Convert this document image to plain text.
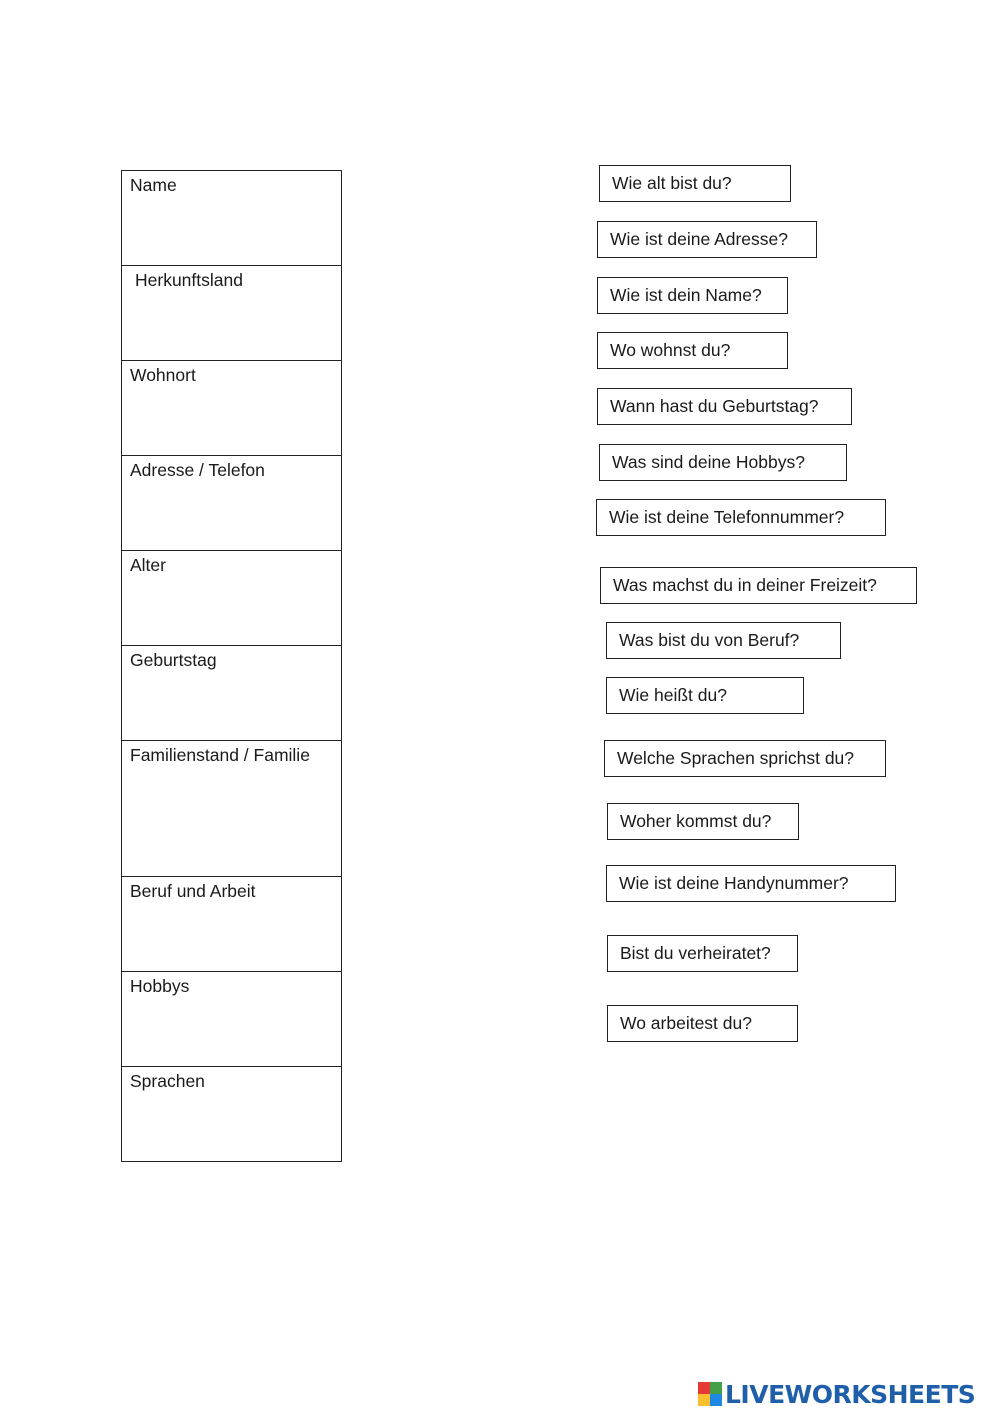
Name
Herkunftsland
Wohnort
Adresse / Telefon
Alter
Geburtstag
Familienstand / Familie
Beruf und Arbeit
Hobbys
Sprachen
Wie alt bist du?
Wie ist deine Adresse?
Wie ist dein Name?
Wo wohnst du?
Wann hast du Geburtstag?
Was sind deine Hobbys?
Wie ist deine Telefonnummer?
Was machst du in deiner Freizeit?
Was bist du von Beruf?
Wie heißt du?
Welche Sprachen sprichst du?
Woher kommst du?
Wie ist deine Handynummer?
Bist du verheiratet?
Wo arbeitest du?
LIVEWORKSHEETS
